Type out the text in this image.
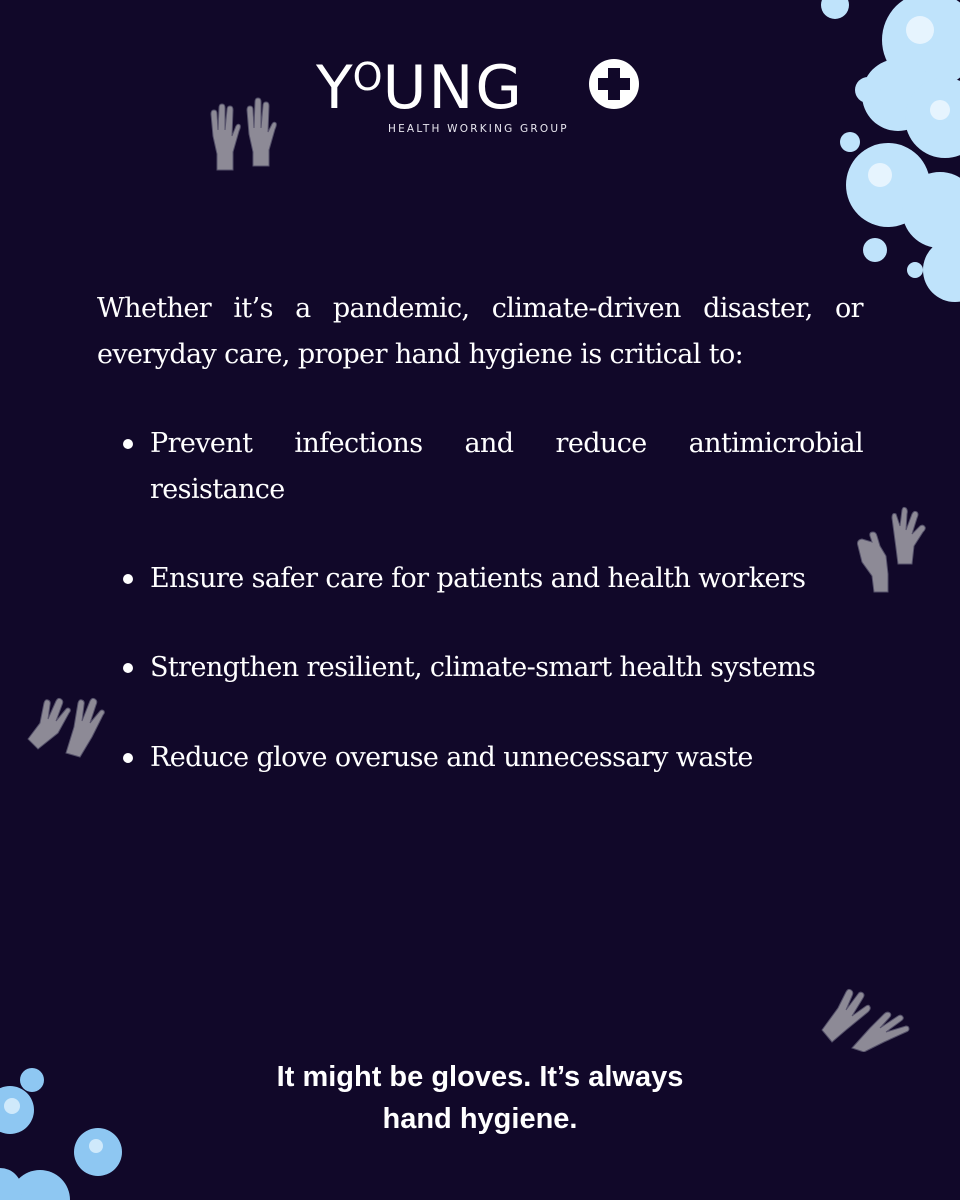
$Y^OUNG$
HEALTH WORKING GROUP

Whether it’s a pandemic, climate-driven disaster, or everyday care, proper hand hygiene is critical to:

Prevent infections and reduce antimicrobial resistance
Ensure safer care for patients and health workers
Strengthen resilient, climate-smart health systems
Reduce glove overuse and unnecessary waste

It might be gloves. It’s always
hand hygiene.
